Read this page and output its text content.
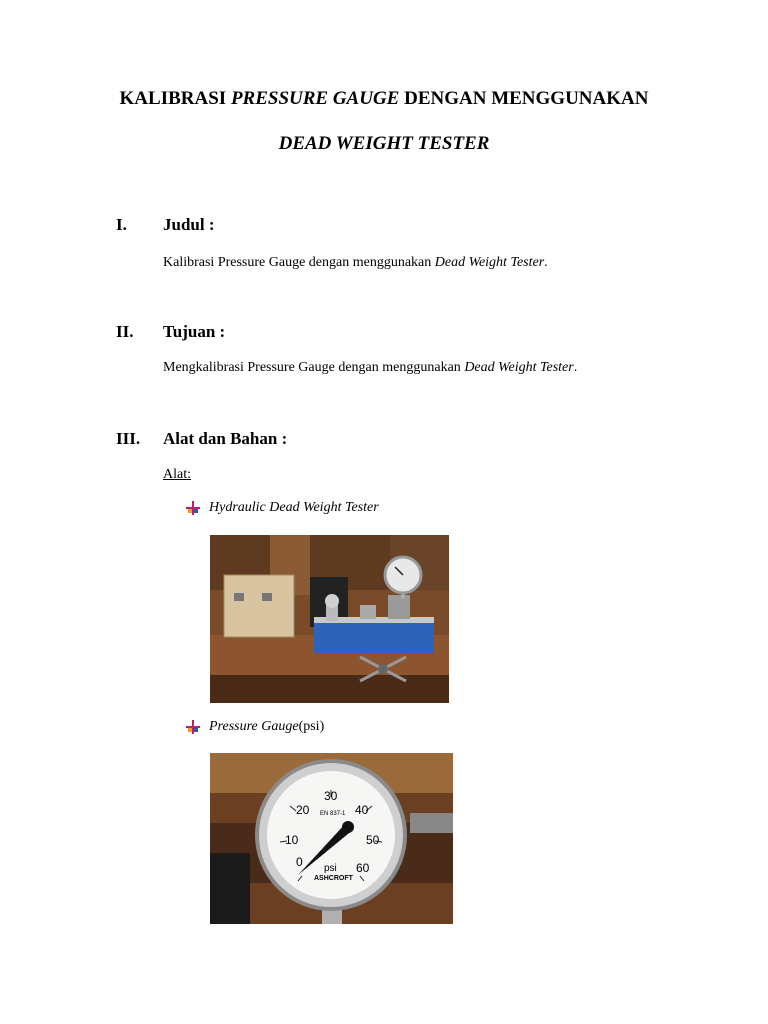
KALIBRASI PRESSURE GAUGE DENGAN MENGGUNAKAN
DEAD WEIGHT TESTER
I. Judul :
Kalibrasi Pressure Gauge dengan menggunakan Dead Weight Tester.
II. Tujuan :
Mengkalibrasi Pressure Gauge dengan menggunakan Dead Weight Tester.
III. Alat dan Bahan :
Alat:
Hydraulic Dead Weight Tester
Pressure Gauge (psi)
0
10
20
30
40
50
60
EN 837-1
psi
ASHCROFT
